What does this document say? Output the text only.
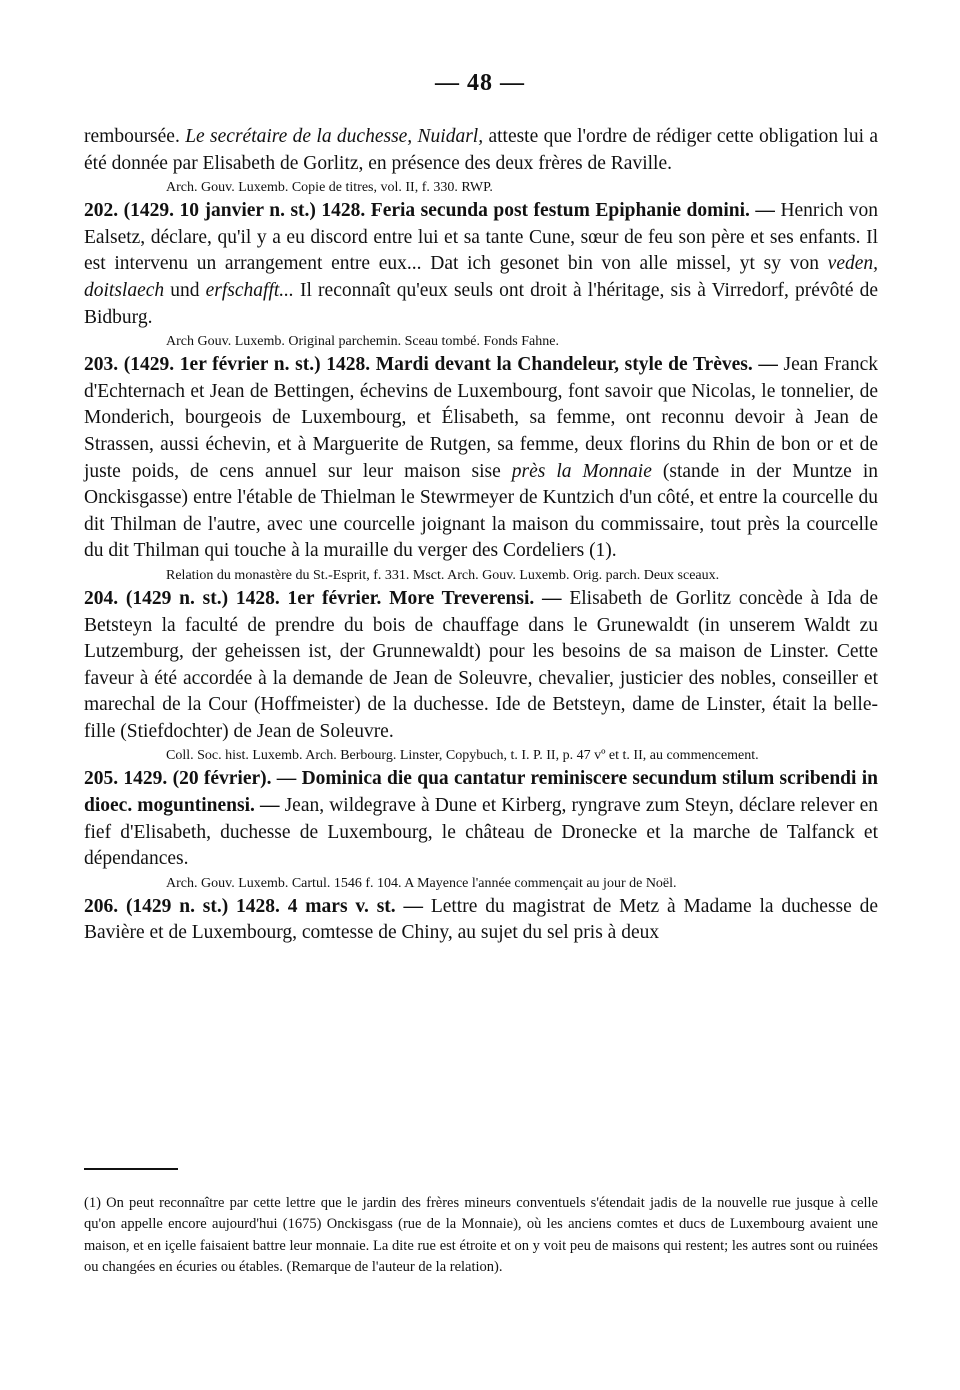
— 48 —

remboursée. Le secrétaire de la duchesse, Nuidarl, atteste que l'ordre de rédiger cette obligation lui a été donnée par Elisabeth de Gorlitz, en présence des deux frères de Raville.

Arch. Gouv. Luxemb. Copie de titres, vol. II, f. 330. RWP.

202. (1429. 10 janvier n. st.) 1428. Feria secunda post festum Epiphanie domini. — Henrich von Ealsetz, déclare, qu'il y a eu discord entre lui et sa tante Cune, sœur de feu son père et ses enfants. Il est intervenu un arrangement entre eux... Dat ich gesonet bin von alle missel, yt sy von veden, doitslaech und erfschafft... Il reconnaît qu'eux seuls ont droit à l'héritage, sis à Virredorf, prévôté de Bidburg.

Arch Gouv. Luxemb. Original parchemin. Sceau tombé. Fonds Fahne.

203. (1429. 1er février n. st.) 1428. Mardi devant la Chandeleur, style de Trèves. — Jean Franck d'Echternach et Jean de Bettingen, échevins de Luxembourg, font savoir que Nicolas, le tonnelier, de Monderich, bourgeois de Luxembourg, et Élisabeth, sa femme, ont reconnu devoir à Jean de Strassen, aussi échevin, et à Marguerite de Rutgen, sa femme, deux florins du Rhin de bon or et de juste poids, de cens annuel sur leur maison sise près la Monnaie (stande in der Muntze in Onckisgasse) entre l'étable de Thielman le Stewrmeyer de Kuntzich d'un côté, et entre la courcelle du dit Thilman de l'autre, avec une courcelle joignant la maison du commissaire, tout près la courcelle du dit Thilman qui touche à la muraille du verger des Cordeliers (1).

Relation du monastère du St.-Esprit, f. 331. Msct. Arch. Gouv. Luxemb. Orig. parch. Deux sceaux.

204. (1429 n. st.) 1428. 1er février. More Treverensi. — Elisabeth de Gorlitz concède à Ida de Betsteyn la faculté de prendre du bois de chauffage dans le Grunewaldt (in unserem Waldt zu Lutzemburg, der geheissen ist, der Grunnewaldt) pour les besoins de sa maison de Linster. Cette faveur à été accordée à la demande de Jean de Soleuvre, chevalier, justicier des nobles, conseiller et marechal de la Cour (Hoffmeister) de la duchesse. Ide de Betsteyn, dame de Linster, était la belle-fille (Stiefdochter) de Jean de Soleuvre.

Coll. Soc. hist. Luxemb. Arch. Berbourg. Linster, Copybuch, t. I. P. II, p. 47 vº et t. II, au commencement.

205. 1429. (20 février). — Dominica die qua cantatur reminiscere secundum stilum scribendi in dioec. moguntinensi. — Jean, wildegrave à Dune et Kirberg, ryngrave zum Steyn, déclare relever en fief d'Elisabeth, duchesse de Luxembourg, le château de Dronecke et la marche de Talfanck et dépendances.

Arch. Gouv. Luxemb. Cartul. 1546 f. 104. A Mayence l'année commençait au jour de Noël.

206. (1429 n. st.) 1428. 4 mars v. st. — Lettre du magistrat de Metz à Madame la duchesse de Bavière et de Luxembourg, comtesse de Chiny, au sujet du sel pris à deux

(1) On peut reconnaître par cette lettre que le jardin des frères mineurs conventuels s'étendait jadis de la nouvelle rue jusque à celle qu'on appelle encore aujourd'hui (1675) Onckisgass (rue de la Monnaie), où les anciens comtes et ducs de Luxembourg avaient une maison, et en içelle faisaient battre leur monnaie. La dite rue est étroite et on y voit peu de maisons qui restent; les autres sont ou ruinées ou changées en écuries ou étables. (Remarque de l'auteur de la relation).
